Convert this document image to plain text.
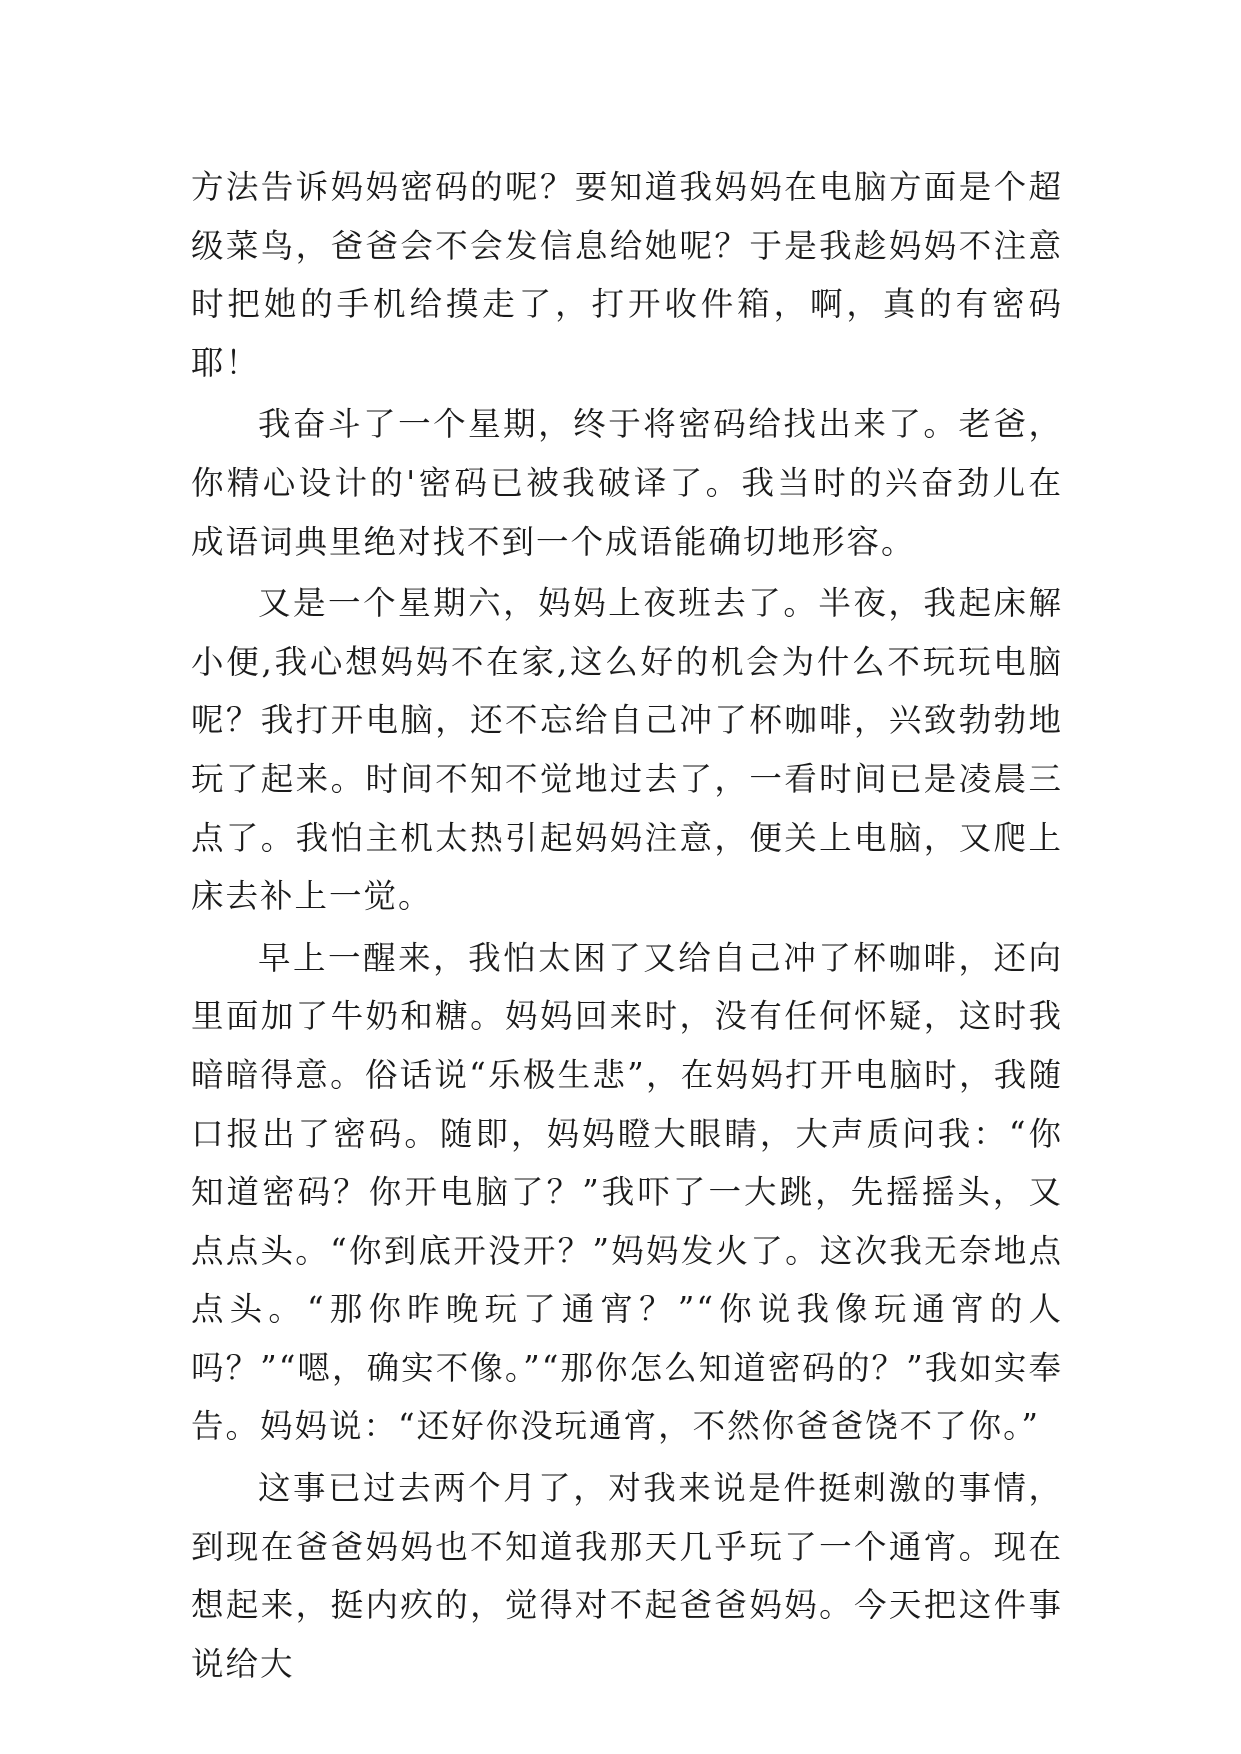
方法告诉妈妈密码的呢？要知道我妈妈在电脑方面是个超级菜鸟，爸爸会不会发信息给她呢？于是我趁妈妈不注意时把她的手机给摸走了，打开收件箱，啊，真的有密码耶！

我奋斗了一个星期，终于将密码给找出来了。老爸，你精心设计的'密码已被我破译了。我当时的兴奋劲儿在成语词典里绝对找不到一个成语能确切地形容。

又是一个星期六，妈妈上夜班去了。半夜，我起床解小便,我心想妈妈不在家,这么好的机会为什么不玩玩电脑呢？我打开电脑，还不忘给自己冲了杯咖啡，兴致勃勃地玩了起来。时间不知不觉地过去了，一看时间已是凌晨三点了。我怕主机太热引起妈妈注意，便关上电脑，又爬上床去补上一觉。

早上一醒来，我怕太困了又给自己冲了杯咖啡，还向里面加了牛奶和糖。妈妈回来时，没有任何怀疑，这时我暗暗得意。俗话说“乐极生悲”，在妈妈打开电脑时，我随口报出了密码。随即，妈妈瞪大眼睛，大声质问我：“你知道密码？你开电脑了？”我吓了一大跳，先摇摇头，又点点头。“你到底开没开？”妈妈发火了。这次我无奈地点点头。“那你昨晚玩了通宵？”“你说我像玩通宵的人吗？”“嗯，确实不像。”“那你怎么知道密码的？”我如实奉告。妈妈说：“还好你没玩通宵，不然你爸爸饶不了你。”

这事已过去两个月了，对我来说是件挺刺激的事情，到现在爸爸妈妈也不知道我那天几乎玩了一个通宵。现在想起来，挺内疚的，觉得对不起爸爸妈妈。今天把这件事说给大
